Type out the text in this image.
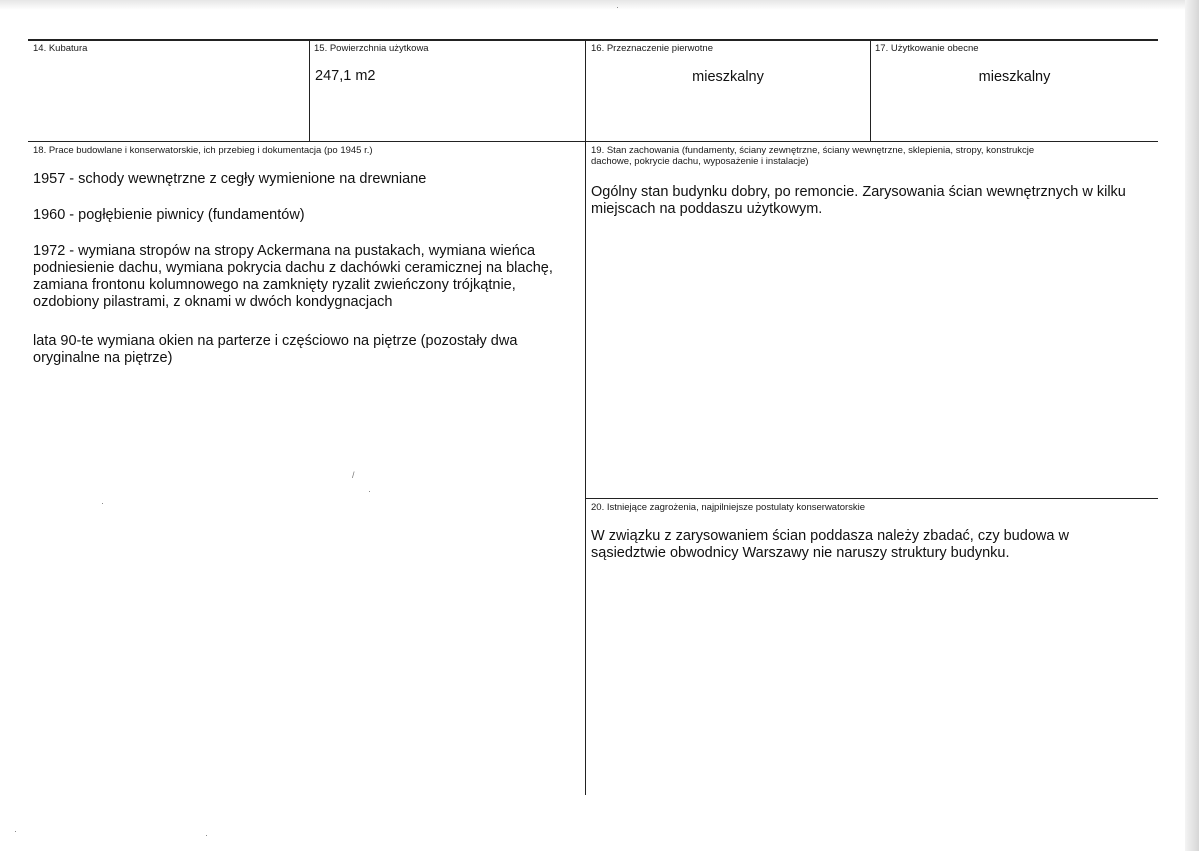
14. Kubatura	15. Powierzchnia użytkowa
247,1 m2
16. Przeznaczenie pierwotne
mieszkalny
17. Użytkowanie obecne
mieszkalny
18. Prace budowlane i konserwatorskie, ich przebieg i dokumentacja (po 1945 r.)

1957 - schody wewnętrzne z cegły wymienione na drewniane

1960 - pogłębienie piwnicy (fundamentów)

1972 - wymiana stropów na stropy Ackermana na pustakach, wymiana wieńca podniesienie dachu, wymiana pokrycia dachu z dachówki ceramicznej na blachę, zamiana frontonu kolumnowego na zamknięty ryzalit zwieńczony trójkątnie, ozdobiony pilastrami, z oknami w dwóch kondygnacjach

lata 90-te wymiana okien na parterze i częściowo na piętrze (pozostały dwa oryginalne na piętrze)

19. Stan zachowania (fundamenty, ściany zewnętrzne, ściany wewnętrzne, sklepienia, stropy, konstrukcje dachowe, pokrycie dachu, wyposażenie i instalacje)

Ogólny stan budynku dobry, po remoncie. Zarysowania ścian wewnętrznych w kilku miejscach na poddaszu użytkowym.

20. Istniejące zagrożenia, najpilniejsze postulaty konserwatorskie

W związku z zarysowaniem ścian poddasza należy zbadać, czy budowa w sąsiedztwie obwodnicy Warszawy nie naruszy struktury budynku.

/
·
·
·
·
·
